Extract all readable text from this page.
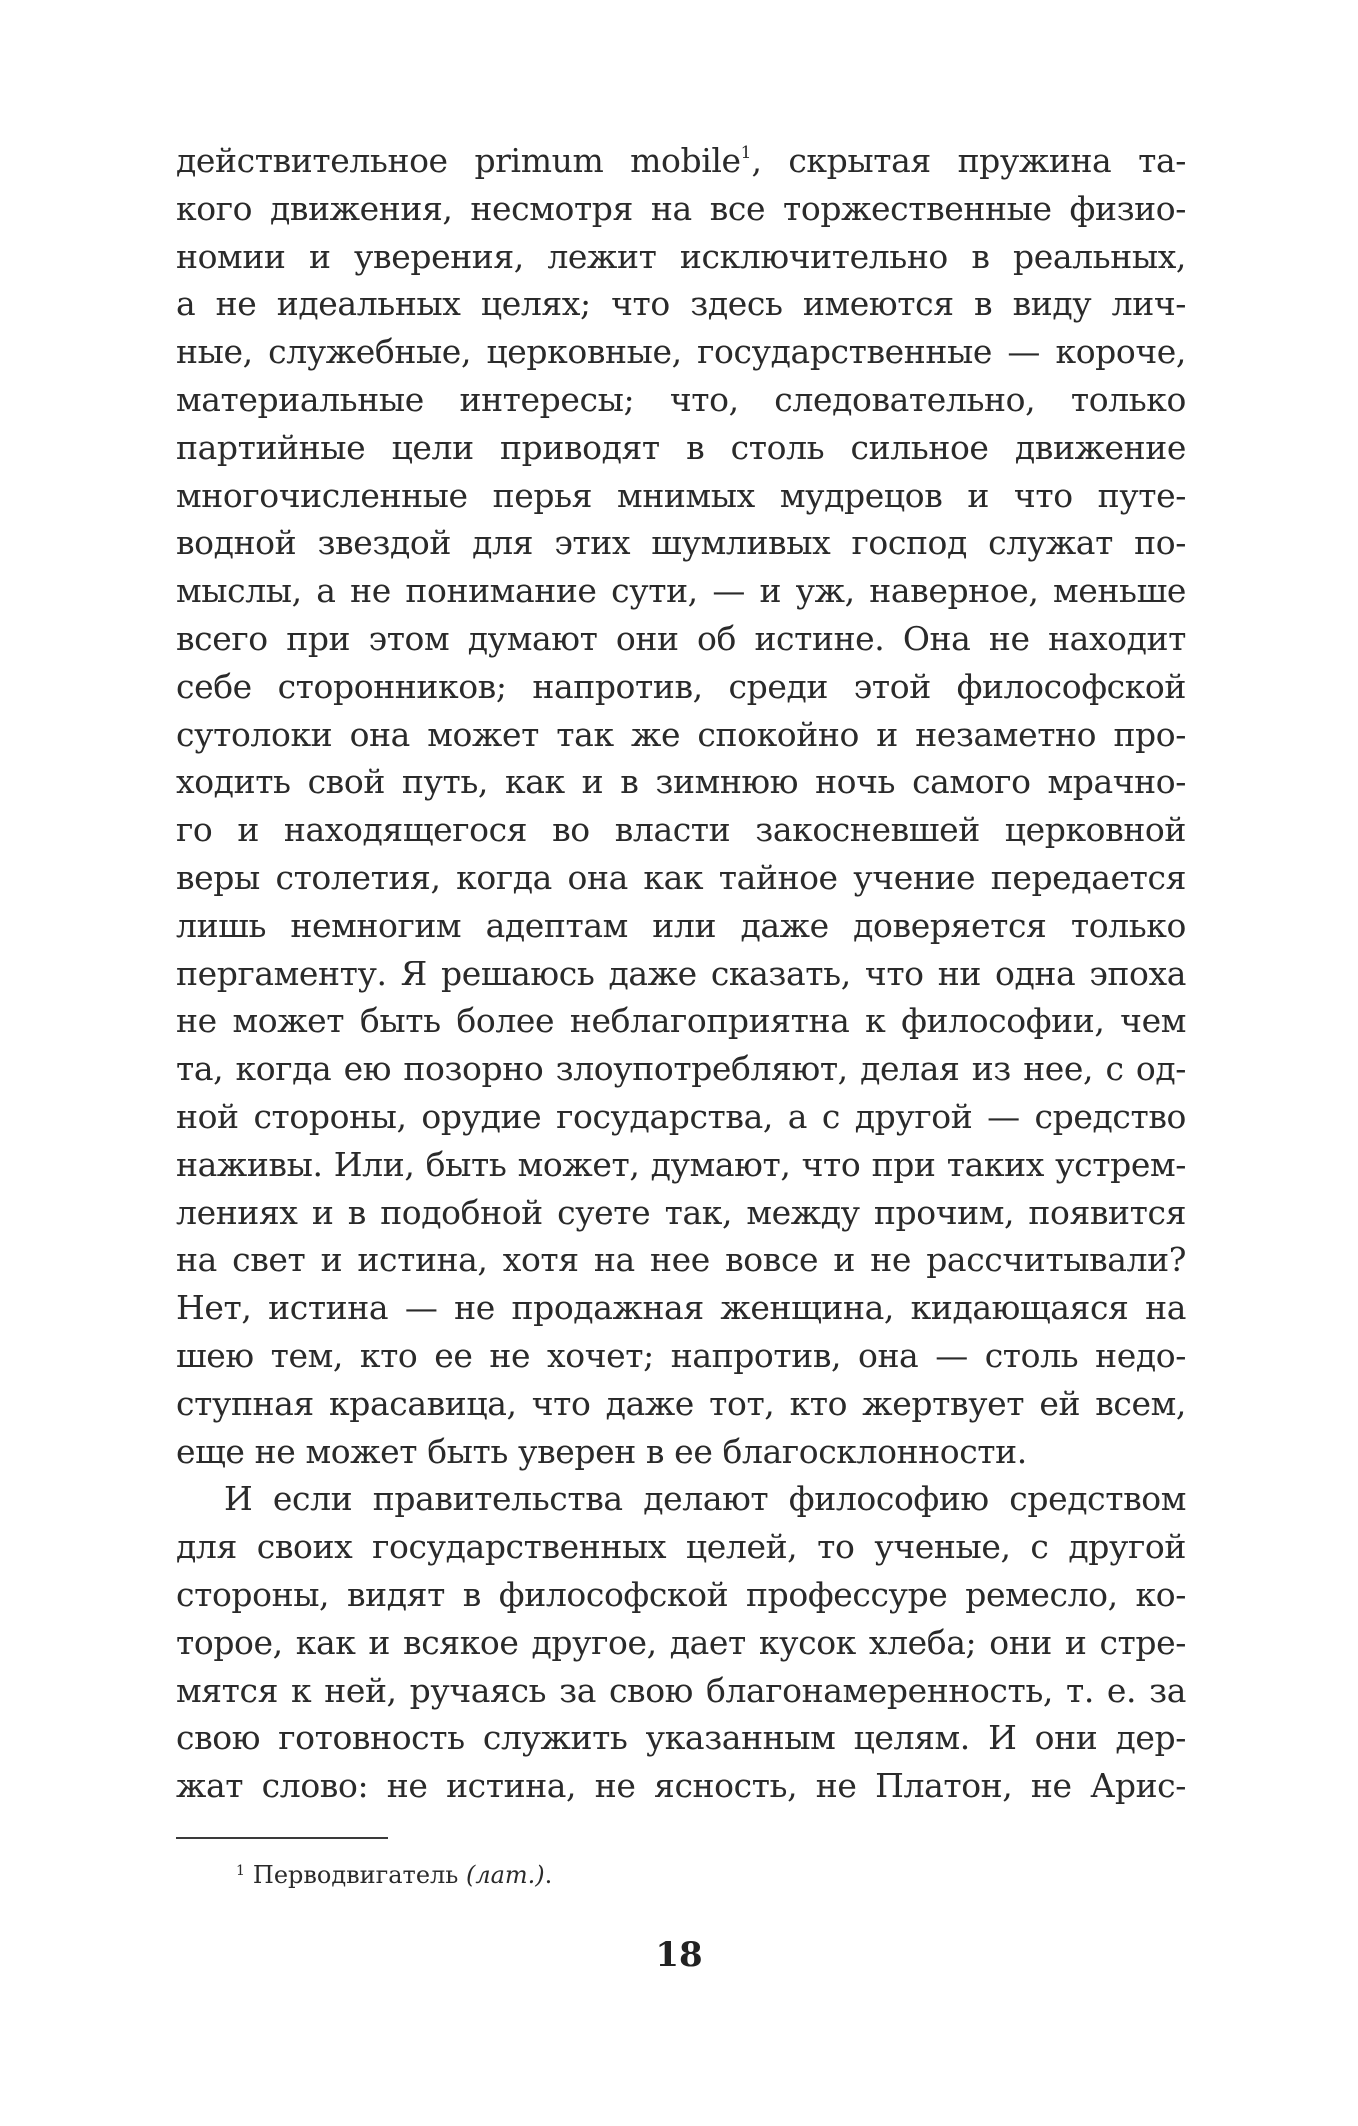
действительное primum mobile$^1$, скрытая пружина та-
кого движения, несмотря на все торжественные физио-
номии и уверения, лежит исключительно в реальных,
а не идеальных целях; что здесь имеются в виду лич-
ные, служебные, церковные, государственные — короче,
материальные интересы; что, следовательно, только
партийные цели приводят в столь сильное движение
многочисленные перья мнимых мудрецов и что путе-
водной звездой для этих шумливых господ служат по-
мыслы, а не понимание сути, — и уж, наверное, меньше
всего при этом думают они об истине. Она не находит
себе сторонников; напротив, среди этой философской
сутолоки она может так же спокойно и незаметно про-
ходить свой путь, как и в зимнюю ночь самого мрачно-
го и находящегося во власти закосневшей церковной
веры столетия, когда она как тайное учение передается
лишь немногим адептам или даже доверяется только
пергаменту. Я решаюсь даже сказать, что ни одна эпоха
не может быть более неблагоприятна к философии, чем
та, когда ею позорно злоупотребляют, делая из нее, с од-
ной стороны, орудие государства, а с другой — средство
наживы. Или, быть может, думают, что при таких устрем-
лениях и в подобной суете так, между прочим, появится
на свет и истина, хотя на нее вовсе и не рассчитывали?
Нет, истина — не продажная женщина, кидающаяся на
шею тем, кто ее не хочет; напротив, она — столь недо-
ступная красавица, что даже тот, кто жертвует ей всем,
еще не может быть уверен в ее благосклонности.
И если правительства делают философию средством
для своих государственных целей, то ученые, с другой
стороны, видят в философской профессуре ремесло, ко-
торое, как и всякое другое, дает кусок хлеба; они и стре-
мятся к ней, ручаясь за свою благонамеренность, т. е. за
свою готовность служить указанным целям. И они дер-
жат слово: не истина, не ясность, не Платон, не Арис-
$^1$ Перводвигатель (лат.).
18
